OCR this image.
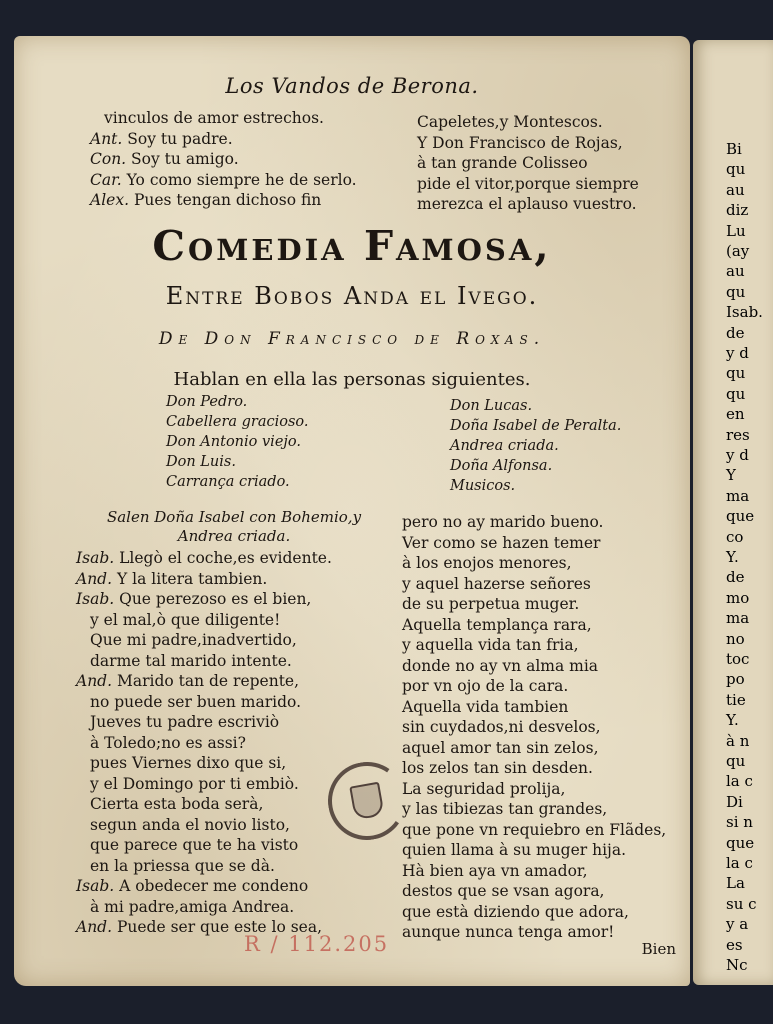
Los Vandos de Berona.
vinculos de amor estrechos.
Ant. Soy tu padre.
Con. Soy tu amigo.
Car. Yo como siempre he de serlo.
Alex. Pues tengan dichoso fin
Capeletes,y Montescos.
Y Don Francisco de Rojas,
à tan grande Colisseo
pide el vitor,porque siempre
merezca el aplauso vuestro.
Comedia Famosa,
Entre Bobos Anda el Ivego.
De Don Francisco de Roxas.
Hablan en ella las personas siguientes.
Don Pedro.
Cabellera gracioso.
Don Antonio viejo.
Don Luis.
Carrança criado.
Don Lucas.
Doña Isabel de Peralta.
Andrea criada.
Doña Alfonsa.
Musicos.
Salen Doña Isabel con Bohemio,y
Andrea criada.
Isab. Llegò el coche,es evidente.
And. Y la litera tambien.
Isab. Que perezoso es el bien,
y el mal,ò que diligente!
Que mi padre,inadvertido,
darme tal marido intente.
And. Marido tan de repente,
no puede ser buen marido.
Jueves tu padre escriviò
à Toledo;no es assi?
pues Viernes dixo que si,
y el Domingo por ti embiò.
Cierta esta boda serà,
segun anda el novio listo,
que parece que te ha visto
en la priessa que se dà.
Isab. A obedecer me condeno
à mi padre,amiga Andrea.
And. Puede ser que este lo sea,
pero no ay marido bueno.
Ver como se hazen temer
à los enojos menores,
y aquel hazerse señores
de su perpetua muger.
Aquella templança rara,
y aquella vida tan fria,
donde no ay vn alma mia
por vn ojo de la cara.
Aquella vida tambien
sin cuydados,ni desvelos,
aquel amor tan sin zelos,
los zelos tan sin desden.
La seguridad prolija,
y las tibiezas tan grandes,
que pone vn requiebro en Flãdes,
quien llama à su muger hija.
Hà bien aya vn amador,
destos que se vsan agora,
que està diziendo que adora,
aunque nunca tenga amor!
R / 112.205	Bien
Bi
qu
au
diz
Lu
(ay
au
qu
Isab.
de
y d
qu
qu
en
res
y d
Y
ma
que
co
Y.
de
mo
ma
no
toc
po
tie
Y.
à n
qu
la c
Di
si n
que
la c
La
su c
y a
es
Nc
